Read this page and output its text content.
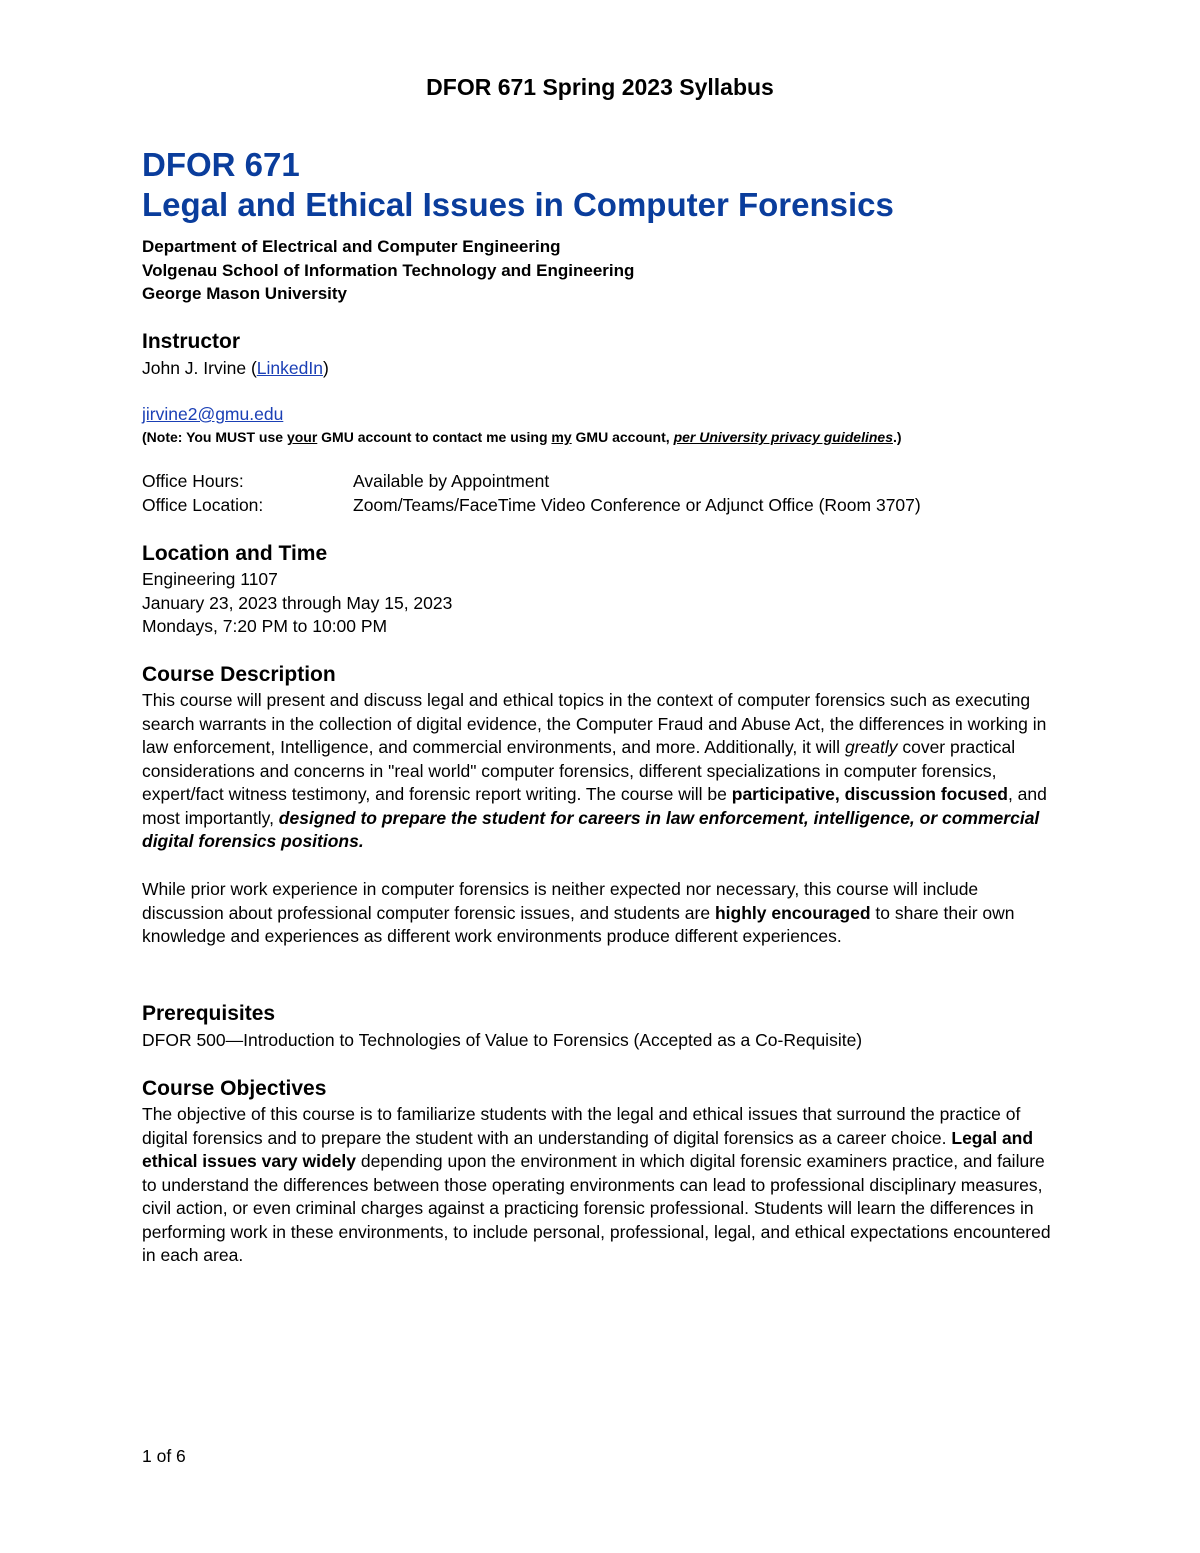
DFOR 671 Spring 2023 Syllabus
DFOR 671
Legal and Ethical Issues in Computer Forensics
Department of Electrical and Computer Engineering
Volgenau School of Information Technology and Engineering
George Mason University
Instructor
John J. Irvine (LinkedIn)
jirvine2@gmu.edu
(Note: You MUST use your GMU account to contact me using my GMU account, per University privacy guidelines.)
Office Hours:	Available by Appointment
Office Location:	Zoom/Teams/FaceTime Video Conference or Adjunct Office (Room 3707)
Location and Time
Engineering 1107
January 23, 2023 through May 15, 2023
Mondays, 7:20 PM to 10:00 PM
Course Description
This course will present and discuss legal and ethical topics in the context of computer forensics such as executing search warrants in the collection of digital evidence, the Computer Fraud and Abuse Act, the differences in working in law enforcement, Intelligence, and commercial environments, and more. Additionally, it will greatly cover practical considerations and concerns in "real world" computer forensics, different specializations in computer forensics, expert/fact witness testimony, and forensic report writing. The course will be participative, discussion focused, and most importantly, designed to prepare the student for careers in law enforcement, intelligence, or commercial digital forensics positions.
While prior work experience in computer forensics is neither expected nor necessary, this course will include discussion about professional computer forensic issues, and students are highly encouraged to share their own knowledge and experiences as different work environments produce different experiences.
Prerequisites
DFOR 500—Introduction to Technologies of Value to Forensics (Accepted as a Co-Requisite)
Course Objectives
The objective of this course is to familiarize students with the legal and ethical issues that surround the practice of digital forensics and to prepare the student with an understanding of digital forensics as a career choice. Legal and ethical issues vary widely depending upon the environment in which digital forensic examiners practice, and failure to understand the differences between those operating environments can lead to professional disciplinary measures, civil action, or even criminal charges against a practicing forensic professional. Students will learn the differences in performing work in these environments, to include personal, professional, legal, and ethical expectations encountered in each area.
1 of 6
